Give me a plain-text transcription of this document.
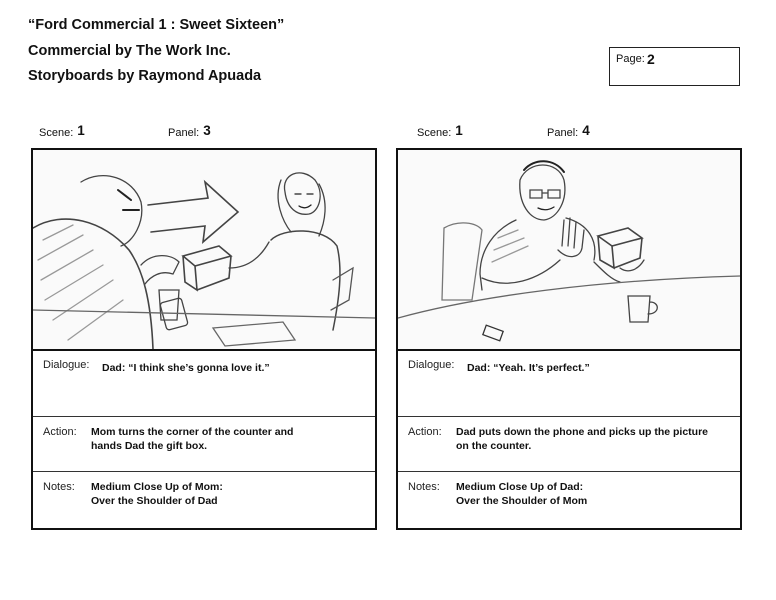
“Ford Commercial 1 : Sweet Sixteen”
Commercial by The Work Inc.
Storyboards by Raymond Apuada
Page: 2
Scene: 1	Panel: 3	Scene: 1	Panel: 4
Dialogue: Dad: “I think she’s gonna love it.”
Action: Mom turns the corner of the counter and
hands Dad the gift box.
Notes: Medium Close Up of Mom:
Over the Shoulder of Dad
Dialogue: Dad: “Yeah. It’s perfect.”
Action: Dad puts down the phone and picks up the picture
on the counter.
Notes: Medium Close Up of Dad:
Over the Shoulder of Mom
